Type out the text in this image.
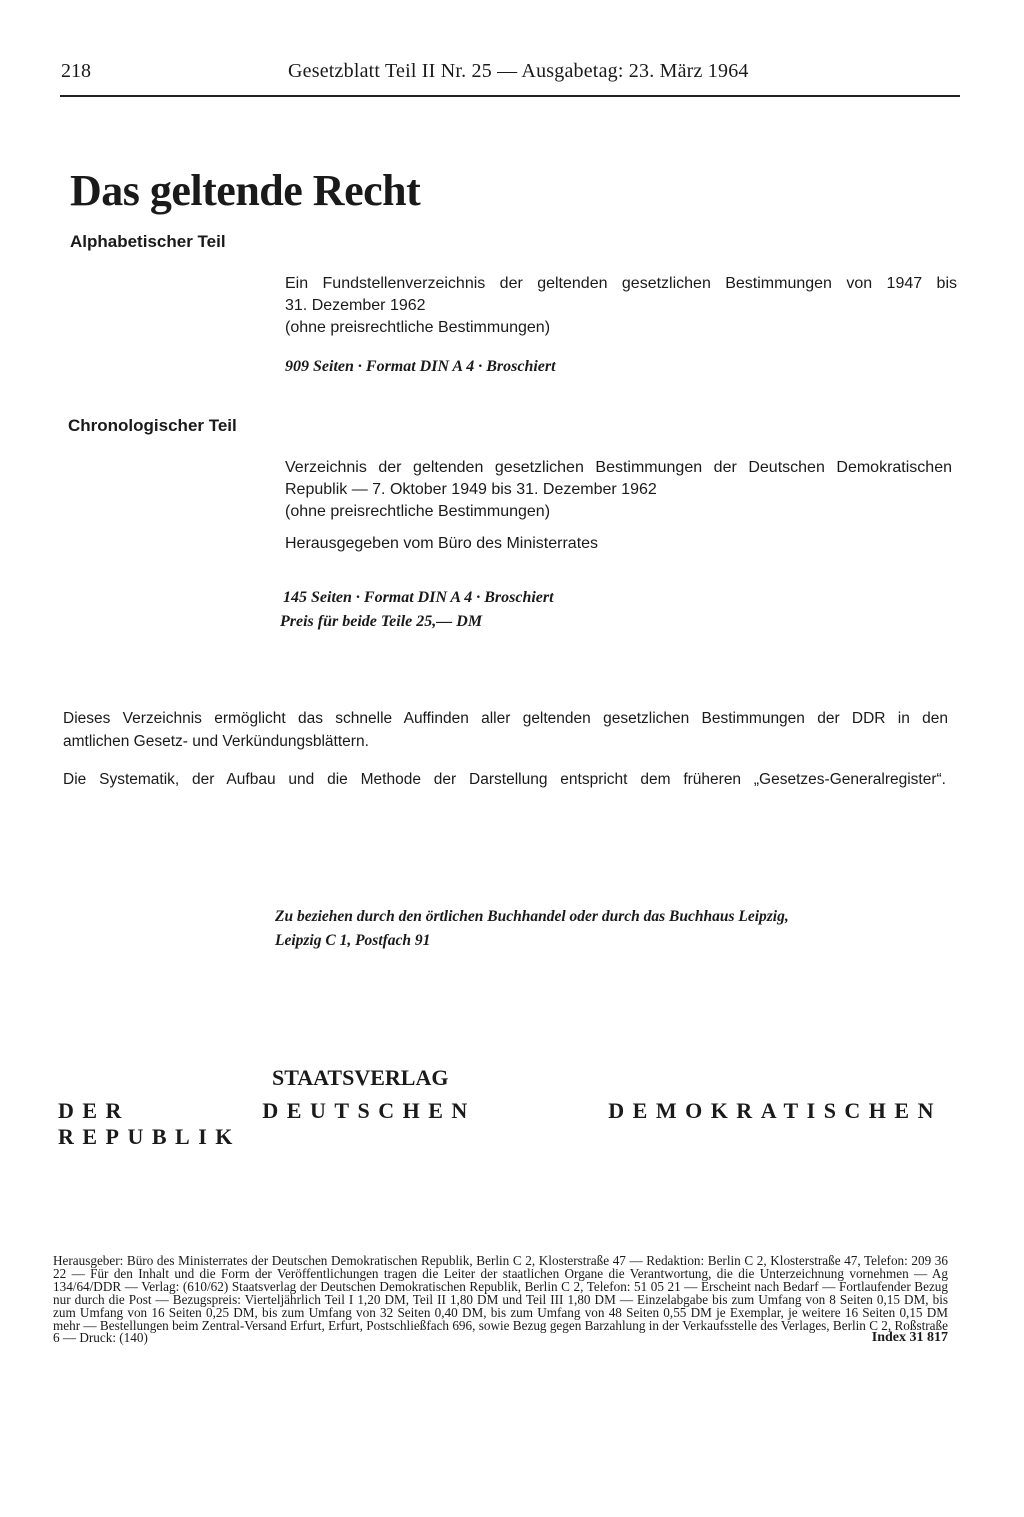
218	Gesetzblatt Teil II Nr. 25 — Ausgabetag: 23. März 1964
Das geltende Recht
Alphabetischer Teil
Ein Fundstellenverzeichnis der geltenden gesetzlichen Bestimmungen von 1947 bis
31. Dezember 1962
(ohne preisrechtliche Bestimmungen)
909 Seiten · Format DIN A 4 · Broschiert
Chronologischer Teil
Verzeichnis der geltenden gesetzlichen Bestimmungen der Deutschen Demokratischen
Republik — 7. Oktober 1949 bis 31. Dezember 1962
(ohne preisrechtliche Bestimmungen)
Herausgegeben vom Büro des Ministerrates
145 Seiten · Format DIN A 4 · Broschiert
Preis für beide Teile 25,— DM
Dieses Verzeichnis ermöglicht das schnelle Auffinden aller geltenden gesetzlichen Bestimmungen der DDR in den
amtlichen Gesetz- und Verkündungsblättern.
Die Systematik, der Aufbau und die Methode der Darstellung entspricht dem früheren „Gesetzes-Generalregister“.
Zu beziehen durch den örtlichen Buchhandel oder durch das Buchhaus Leipzig,
Leipzig C 1, Postfach 91
STAATSVERLAG
DER DEUTSCHEN DEMOKRATISCHEN REPUBLIK
Herausgeber: Büro des Ministerrates der Deutschen Demokratischen Republik, Berlin C 2, Klosterstraße 47 — Redaktion: Berlin C 2, Klosterstraße 47, Telefon: 209 36 22 — Für den Inhalt und die Form der Veröffentlichungen tragen die Leiter der staatlichen Organe die Verantwortung, die die Unterzeichnung vornehmen — Ag 134/64/DDR — Verlag: (610/62) Staatsverlag der Deutschen Demokratischen Republik, Berlin C 2, Telefon: 51 05 21 — Erscheint nach Bedarf — Fortlaufender Bezug nur durch die Post — Bezugspreis: Vierteljährlich Teil I 1,20 DM, Teil II 1,80 DM und Teil III 1,80 DM — Einzelabgabe bis zum Umfang von 8 Seiten 0,15 DM, bis zum Umfang von 16 Seiten 0,25 DM, bis zum Umfang von 32 Seiten 0,40 DM, bis zum Umfang von 48 Seiten 0,55 DM je Exemplar, je weitere 16 Seiten 0,15 DM mehr — Bestellungen beim Zentral-Versand Erfurt, Erfurt, Postschließfach 696, sowie Bezug gegen Barzahlung in der Verkaufsstelle des Verlages, Berlin C 2, Roßstraße 6 — Druck: (140)	Index 31 817
